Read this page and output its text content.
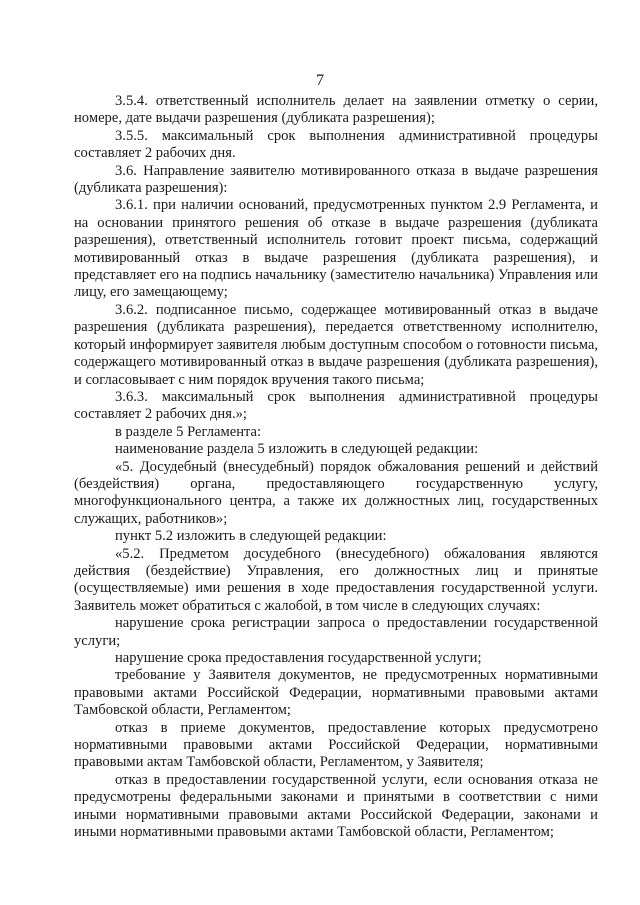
7

3.5.4. ответственный исполнитель делает на заявлении отметку о серии, номере, дате выдачи разрешения (дубликата разрешения);

3.5.5. максимальный срок выполнения административной процедуры составляет 2 рабочих дня.

3.6. Направление заявителю мотивированного отказа в выдаче разрешения (дубликата разрешения):

3.6.1. при наличии оснований, предусмотренных пунктом 2.9 Регламента, и на основании принятого решения об отказе в выдаче разрешения (дубликата разрешения), ответственный исполнитель готовит проект письма, содержащий мотивированный отказ в выдаче разрешения (дубликата разрешения), и представляет его на подпись начальнику (заместителю начальника) Управления или лицу, его замещающему;

3.6.2. подписанное письмо, содержащее мотивированный отказ в выдаче разрешения (дубликата разрешения), передается ответственному исполнителю, который информирует заявителя любым доступным способом о готовности письма, содержащего мотивированный отказ в выдаче разрешения (дубликата разрешения), и согласовывает с ним порядок вручения такого письма;

3.6.3. максимальный срок выполнения административной процедуры составляет 2 рабочих дня.»;

в разделе 5 Регламента:

наименование раздела 5 изложить в следующей редакции:

«5. Досудебный (внесудебный) порядок обжалования решений и действий (бездействия) органа, предоставляющего государственную услугу, многофункционального центра, а также их должностных лиц, государственных служащих, работников»;

пункт 5.2 изложить в следующей редакции:

«5.2. Предметом досудебного (внесудебного) обжалования являются действия (бездействие) Управления, его должностных лиц и принятые (осуществляемые) ими решения в ходе предоставления государственной услуги. Заявитель может обратиться с жалобой, в том числе в следующих случаях:

нарушение срока регистрации запроса о предоставлении государственной услуги;

нарушение срока предоставления государственной услуги;

требование у Заявителя документов, не предусмотренных нормативными правовыми актами Российской Федерации, нормативными правовыми актами Тамбовской области, Регламентом;

отказ в приеме документов, предоставление которых предусмотрено нормативными правовыми актами Российской Федерации, нормативными правовыми актам Тамбовской области, Регламентом, у Заявителя;

отказ в предоставлении государственной услуги, если основания отказа не предусмотрены федеральными законами и принятыми в соответствии с ними иными нормативными правовыми актами Российской Федерации, законами и иными нормативными правовыми актами Тамбовской области, Регламентом;
